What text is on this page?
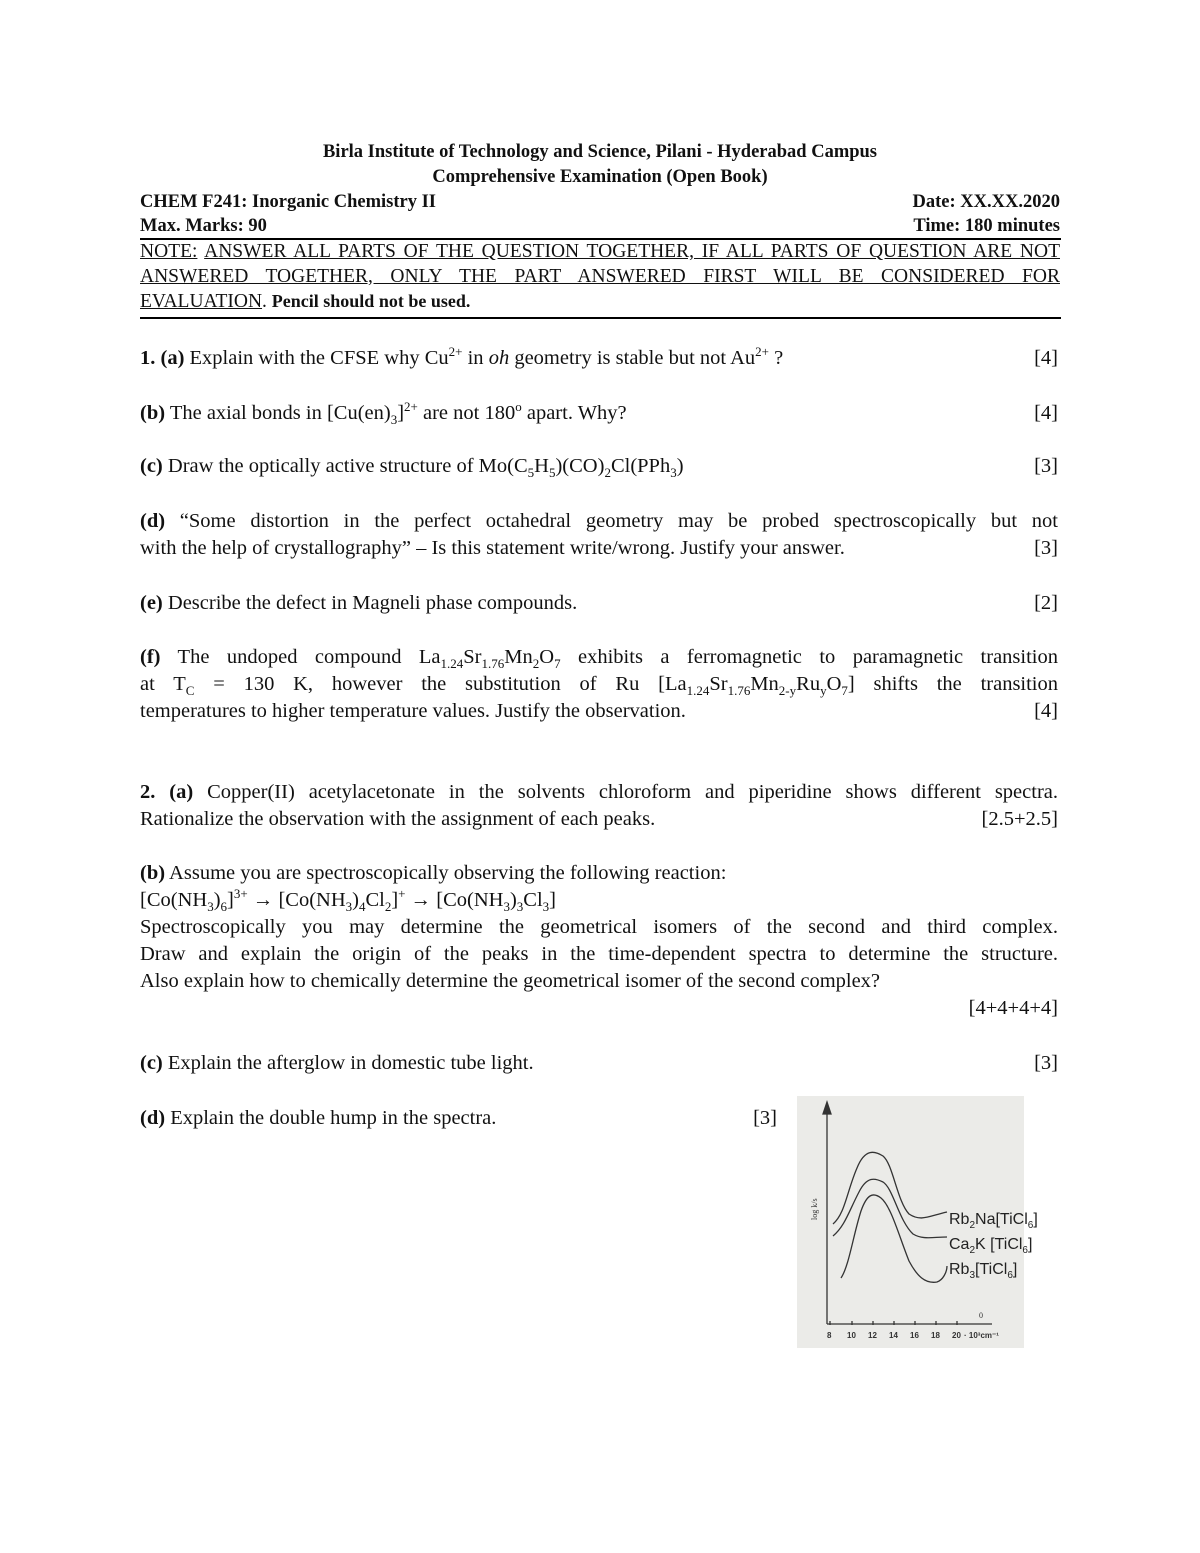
Birla Institute of Technology and Science, Pilani - Hyderabad Campus
Comprehensive Examination (Open Book)
CHEM F241: Inorganic Chemistry II	Date: XX.XX.2020
Max. Marks: 90	Time: 180 minutes
NOTE: ANSWER ALL PARTS OF THE QUESTION TOGETHER, IF ALL PARTS OF QUESTION ARE NOT ANSWERED TOGETHER, ONLY THE PART ANSWERED FIRST WILL BE CONSIDERED FOR EVALUATION. Pencil should not be used.
1. (a) Explain with the CFSE why $Cu^{2+}$ in oh geometry is stable but not $Au^{2+}$ ?	[4]
(b) The axial bonds in $[Cu(en)_3]^{2+}$ are not 180$^o$ apart. Why?	[4]
(c) Draw the optically active structure of $Mo(C_5H_5)(CO)_2Cl(PPh_3)$	[3]
(d) “Some distortion in the perfect octahedral geometry may be probed spectroscopically but not
with the help of crystallography” – Is this statement write/wrong. Justify your answer.	[3]
(e) Describe the defect in Magneli phase compounds.	[2]
(f) The undoped compound $La_{1.24}Sr_{1.76}Mn_2O_7$ exhibits a ferromagnetic to paramagnetic transition
at $T_C = 130$ K, however the substitution of Ru $[La_{1.24}Sr_{1.76}Mn_{2-y}Ru_yO_7]$ shifts the transition
temperatures to higher temperature values. Justify the observation.	[4]
2. (a) Copper(II) acetylacetonate in the solvents chloroform and piperidine shows different spectra.
Rationalize the observation with the assignment of each peaks.	[2.5+2.5]
(b) Assume you are spectroscopically observing the following reaction:
$[Co(NH_3)_6]^{3+} \to [Co(NH_3)_4Cl_2]^+ \to [Co(NH_3)_3Cl_3]$
Spectroscopically you may determine the geometrical isomers of the second and third complex.
Draw and explain the origin of the peaks in the time-dependent spectra to determine the structure.
Also explain how to chemically determine the geometrical isomer of the second complex?
[4+4+4+4]
(c) Explain the afterglow in domestic tube light.	[3]
(d) Explain the double hump in the spectra.	[3]
log k/s
0
8 10 12 14 16 18 20 · 10³cm⁻¹
$Rb_2Na[TiCl_6]$
$Ca_2K$ [TiCl$_6$]
$Rb_3[TiCl_6]$
